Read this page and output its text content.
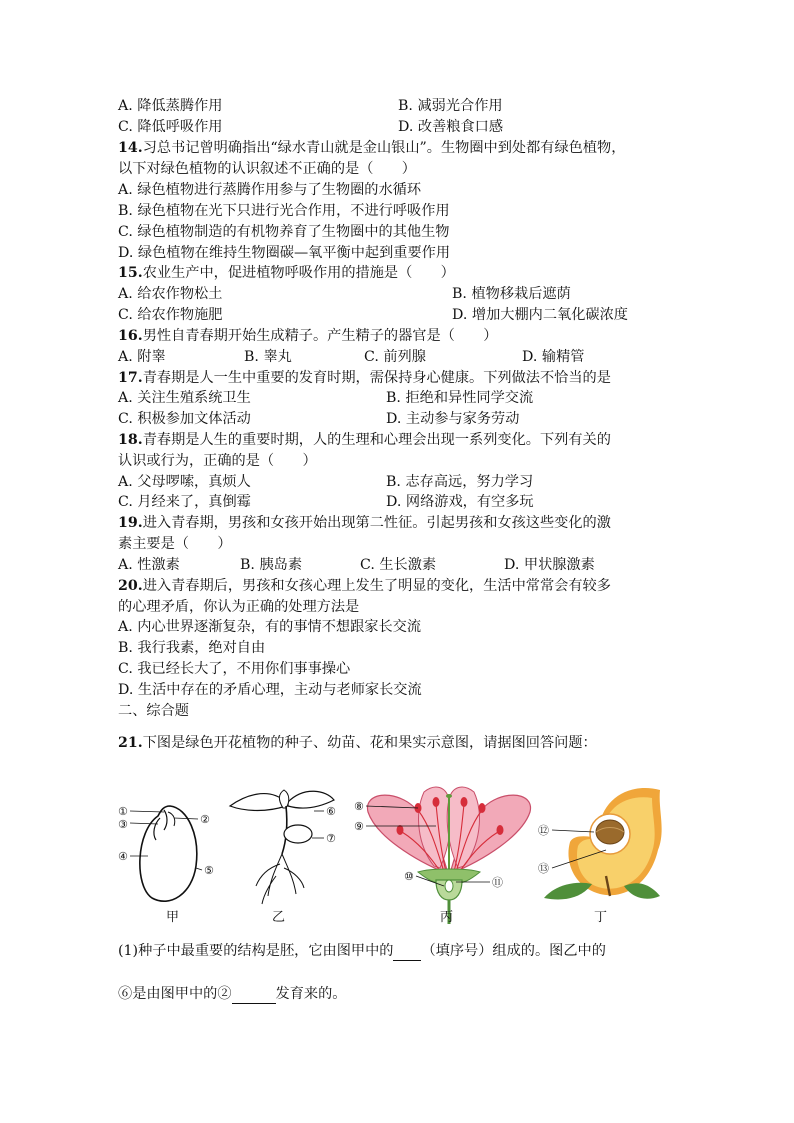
A. 降低蒸腾作用	B. 减弱光合作用
C. 降低呼吸作用	D. 改善粮食口感
14.习总书记曾明确指出“绿水青山就是金山银山”。生物圈中到处都有绿色植物，
以下对绿色植物的认识叙述不正确的是（　　）
A. 绿色植物进行蒸腾作用参与了生物圈的水循环
B. 绿色植物在光下只进行光合作用，不进行呼吸作用
C. 绿色植物制造的有机物养育了生物圈中的其他生物
D. 绿色植物在维持生物圈碳—氧平衡中起到重要作用
15.农业生产中，促进植物呼吸作用的措施是（　　）
A. 给农作物松土	B. 植物移栽后遮荫
C. 给农作物施肥	D. 增加大棚内二氧化碳浓度
16.男性自青春期开始生成精子。产生精子的器官是（　　）
A. 附睾	B. 睾丸	C. 前列腺	D. 输精管
17.青春期是人一生中重要的发育时期，需保持身心健康。下列做法不恰当的是
A. 关注生殖系统卫生	B. 拒绝和异性同学交流
C. 积极参加文体活动	D. 主动参与家务劳动
18.青春期是人生的重要时期，人的生理和心理会出现一系列变化。下列有关的
认识或行为，正确的是（　　）
A. 父母啰嗦，真烦人	B. 志存高远，努力学习
C. 月经来了，真倒霉	D. 网络游戏，有空多玩
19.进入青春期，男孩和女孩开始出现第二性征。引起男孩和女孩这些变化的激
素主要是（　　）
A. 性激素	B. 胰岛素	C. 生长激素	D. 甲状腺激素
20.进入青春期后，男孩和女孩心理上发生了明显的变化，生活中常常会有较多
的心理矛盾，你认为正确的处理方法是
A. 内心世界逐渐复杂，有的事情不想跟家长交流
B. 我行我素，绝对自由
C. 我已经长大了，不用你们事事操心
D. 生活中存在的矛盾心理，主动与老师家长交流
二、综合题
21.下图是绿色开花植物的种子、幼苗、花和果实示意图，请据图回答问题：
①
②
③
④
⑤
⑥
⑦
⑧
⑨
⑩	⑪
⑫
⑬
甲	乙	丙	丁
(1)种子中最重要的结构是胚，它由图甲中的 （填序号）组成的。图乙中的
⑥是由图甲中的②	发育来的。
